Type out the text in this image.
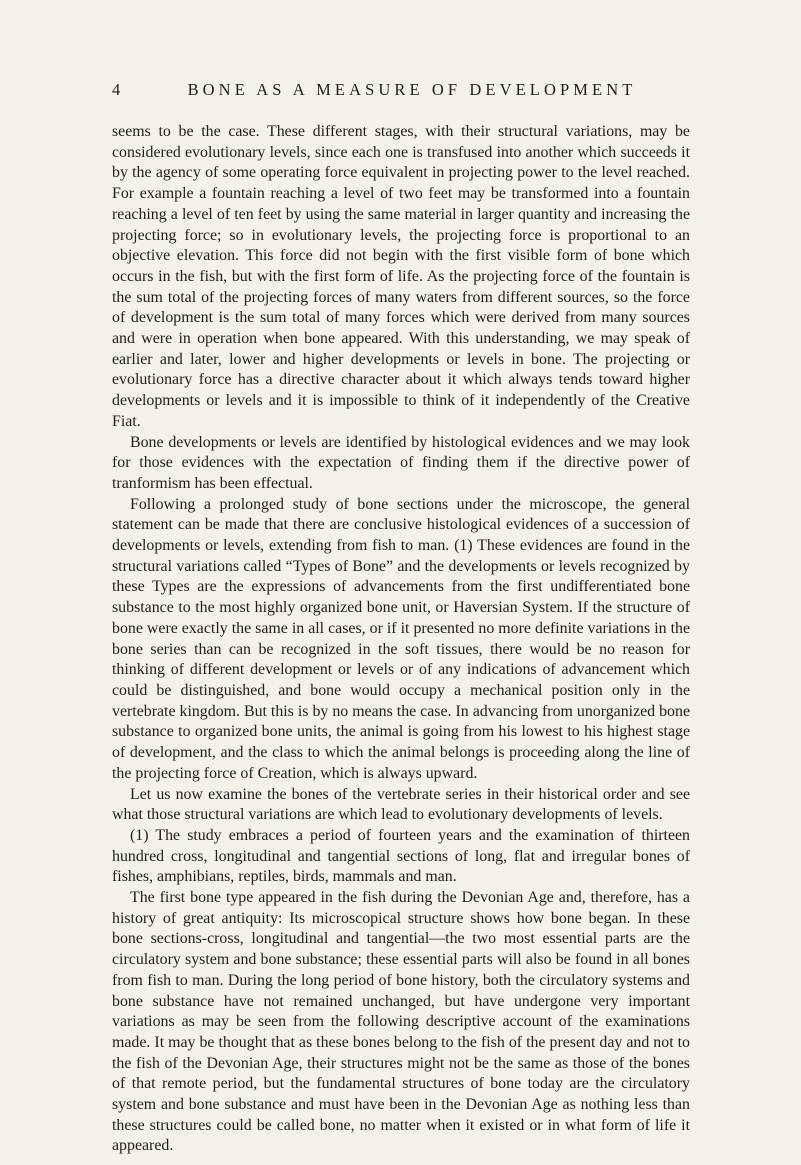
4	BONE AS A MEASURE OF DEVELOPMENT

seems to be the case. These different stages, with their structural variations, may be considered evolutionary levels, since each one is transfused into another which succeeds it by the agency of some operating force equivalent in projecting power to the level reached. For example a fountain reaching a level of two feet may be transformed into a fountain reaching a level of ten feet by using the same material in larger quantity and increasing the projecting force; so in evolutionary levels, the projecting force is proportional to an objective elevation. This force did not begin with the first visible form of bone which occurs in the fish, but with the first form of life. As the projecting force of the fountain is the sum total of the projecting forces of many waters from different sources, so the force of development is the sum total of many forces which were derived from many sources and were in operation when bone appeared. With this understanding, we may speak of earlier and later, lower and higher developments or levels in bone. The projecting or evolutionary force has a directive character about it which always tends toward higher developments or levels and it is impossible to think of it independently of the Creative Fiat.

Bone developments or levels are identified by histological evidences and we may look for those evidences with the expectation of finding them if the directive power of tranformism has been effectual.

Following a prolonged study of bone sections under the microscope, the general statement can be made that there are conclusive histological evidences of a succession of developments or levels, extending from fish to man. (1) These evidences are found in the structural variations called “Types of Bone” and the developments or levels recognized by these Types are the expressions of advancements from the first undifferentiated bone substance to the most highly organized bone unit, or Haversian System. If the structure of bone were exactly the same in all cases, or if it presented no more definite variations in the bone series than can be recognized in the soft tissues, there would be no reason for thinking of different development or levels or of any indications of advancement which could be distinguished, and bone would occupy a mechanical position only in the vertebrate kingdom. But this is by no means the case. In advancing from unorganized bone substance to organized bone units, the animal is going from his lowest to his highest stage of development, and the class to which the animal belongs is proceeding along the line of the projecting force of Creation, which is always upward.

Let us now examine the bones of the vertebrate series in their historical order and see what those structural variations are which lead to evolutionary developments of levels.

(1) The study embraces a period of fourteen years and the examination of thirteen hundred cross, longitudinal and tangential sections of long, flat and irregular bones of fishes, amphibians, reptiles, birds, mammals and man.

The first bone type appeared in the fish during the Devonian Age and, therefore, has a history of great antiquity: Its microscopical structure shows how bone began. In these bone sections-cross, longitudinal and tangential—the two most essential parts are the circulatory system and bone substance; these essential parts will also be found in all bones from fish to man. During the long period of bone history, both the circulatory systems and bone substance have not remained unchanged, but have undergone very important variations as may be seen from the following descriptive account of the examinations made. It may be thought that as these bones belong to the fish of the present day and not to the fish of the Devonian Age, their structures might not be the same as those of the bones of that remote period, but the fundamental structures of bone today are the circulatory system and bone substance and must have been in the Devonian Age as nothing less than these structures could be called bone, no matter when it existed or in what form of life it appeared.
